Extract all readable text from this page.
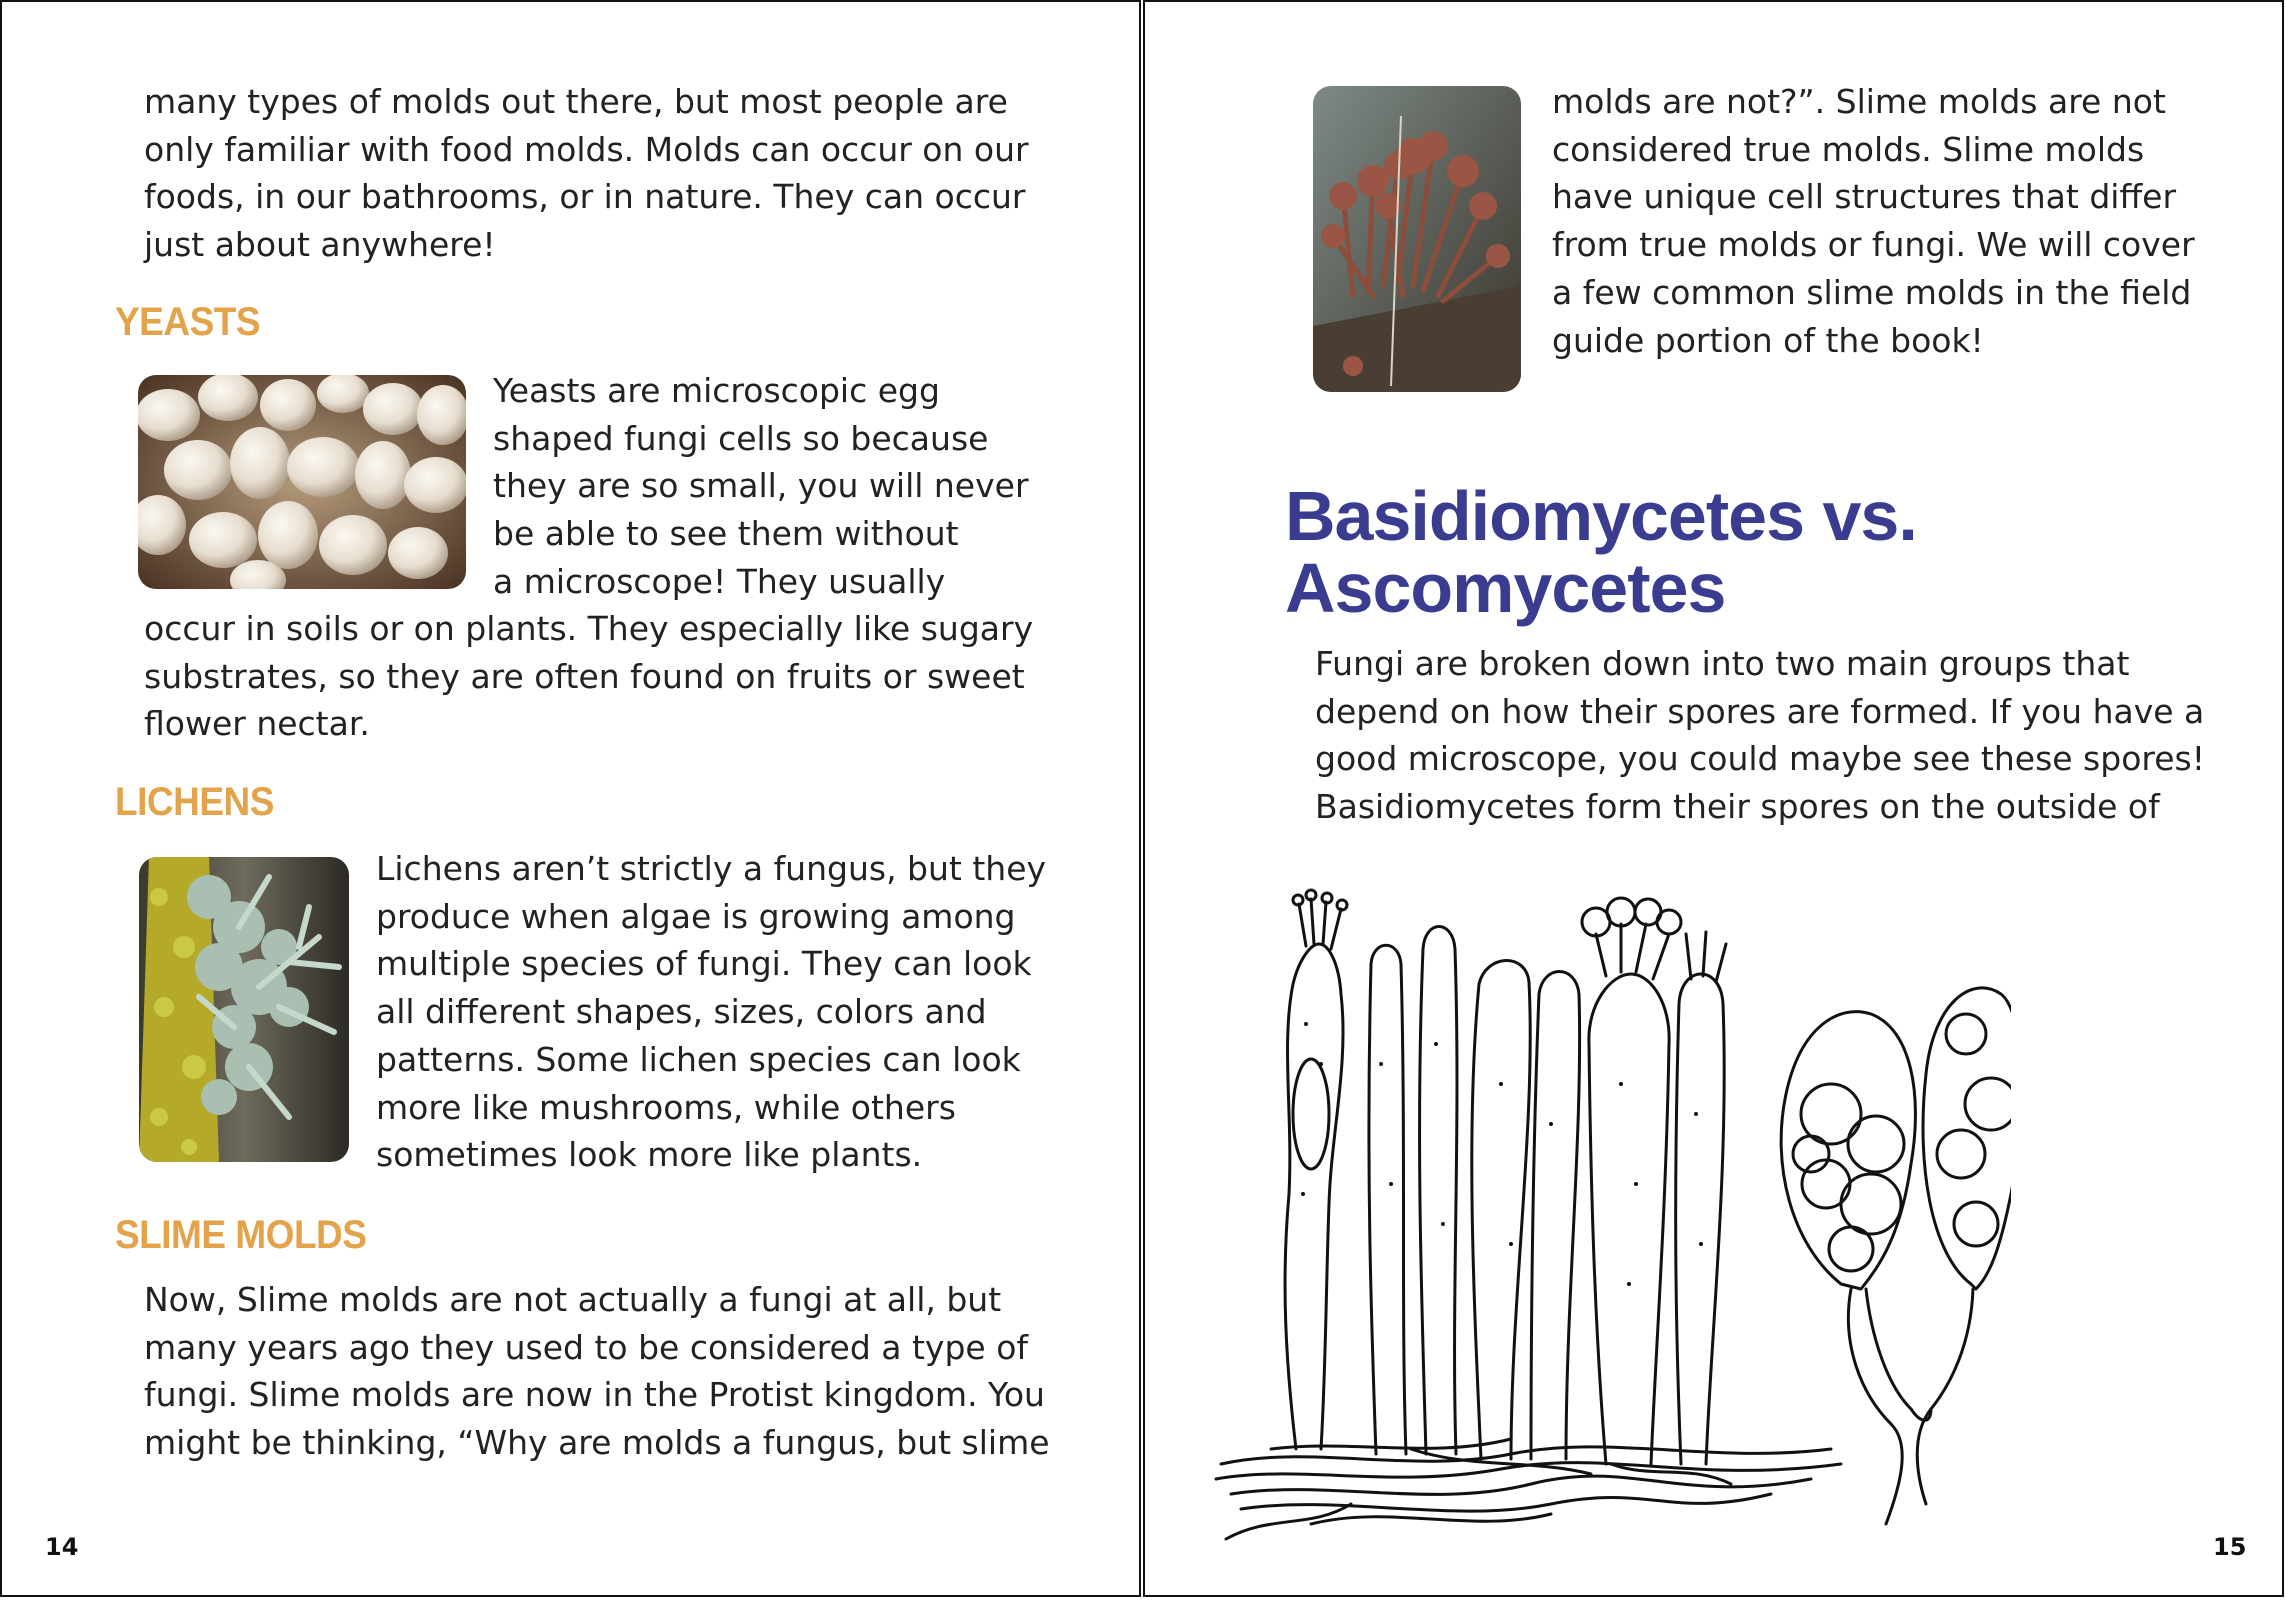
many types of molds out there, but most people are
only familiar with food molds. Molds can occur on our
foods, in our bathrooms, or in nature. They can occur
just about anywhere!
YEASTS
Yeasts are microscopic egg
shaped fungi cells so because
they are so small, you will never
be able to see them without
a microscope! They usually
occur in soils or on plants. They especially like sugary
substrates, so they are often found on fruits or sweet
flower nectar.
LICHENS
Lichens aren’t strictly a fungus, but they
produce when algae is growing among
multiple species of fungi. They can look
all different shapes, sizes, colors and
patterns. Some lichen species can look
more like mushrooms, while others
sometimes look more like plants.
SLIME MOLDS
Now, Slime molds are not actually a fungi at all, but
many years ago they used to be considered a type of
fungi. Slime molds are now in the Protist kingdom. You
might be thinking, “Why are molds a fungus, but slime

14

molds are not?”. Slime molds are not
considered true molds. Slime molds
have unique cell structures that differ
from true molds or fungi. We will cover
a few common slime molds in the field
guide portion of the book!
Basidiomycetes vs.
Ascomycetes
Fungi are broken down into two main groups that
depend on how their spores are formed. If you have a
good microscope, you could maybe see these spores!
Basidiomycetes form their spores on the outside of

15
